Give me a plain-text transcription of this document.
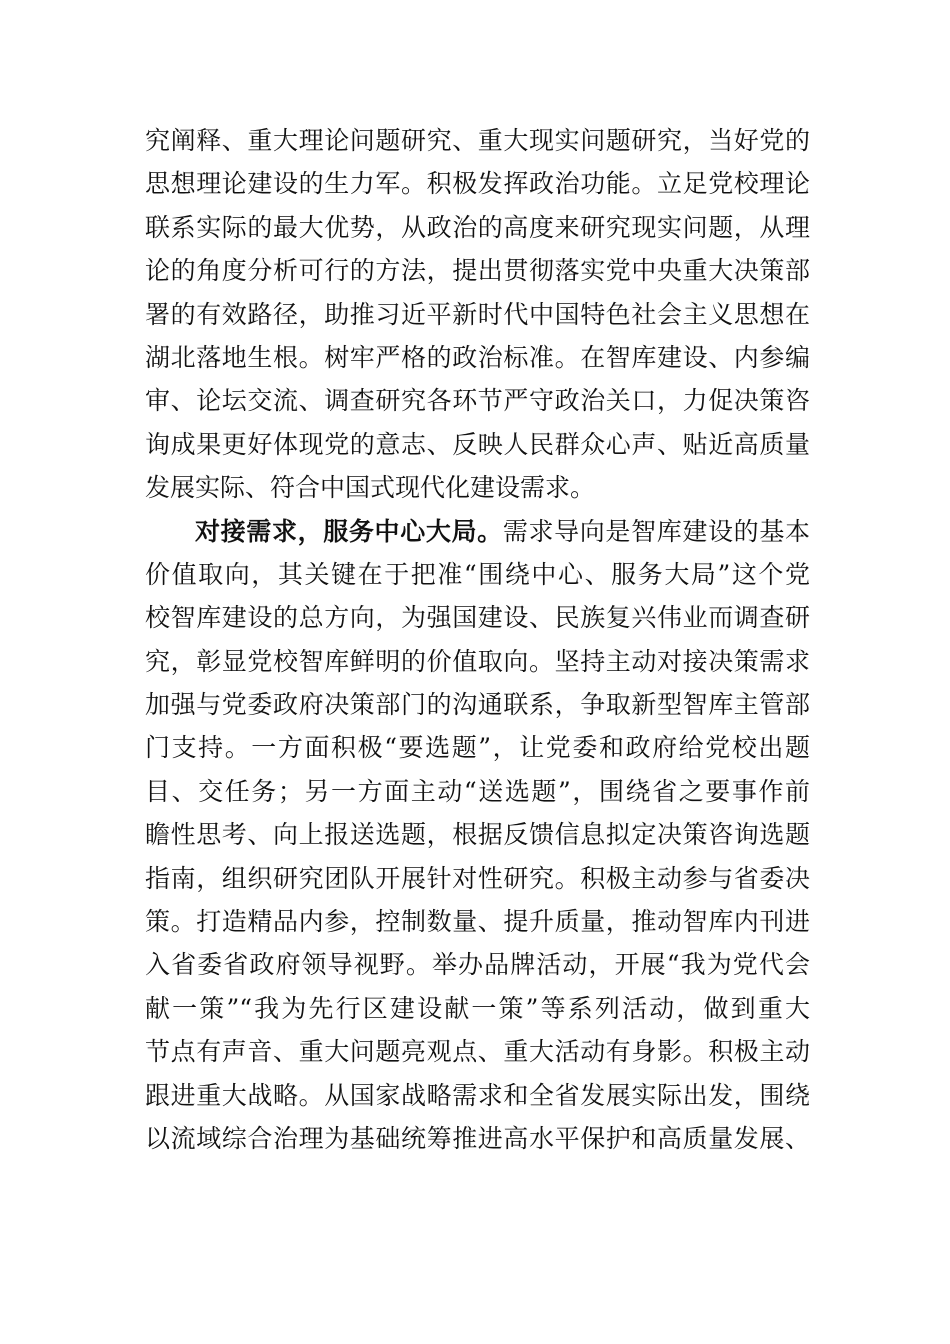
究阐释、重大理论问题研究、重大现实问题研究，当好党的
思想理论建设的生力军。积极发挥政治功能。立足党校理论
联系实际的最大优势，从政治的高度来研究现实问题，从理
论的角度分析可行的方法，提出贯彻落实党中央重大决策部
署的有效路径，助推习近平新时代中国特色社会主义思想在
湖北落地生根。树牢严格的政治标准。在智库建设、内参编
审、论坛交流、调查研究各环节严守政治关口，力促决策咨
询成果更好体现党的意志、反映人民群众心声、贴近高质量
发展实际、符合中国式现代化建设需求。
对接需求，服务中心大局。需求导向是智库建设的基本
价值取向，其关键在于把准“围绕中心、服务大局”这个党
校智库建设的总方向，为强国建设、民族复兴伟业而调查研
究，彰显党校智库鲜明的价值取向。坚持主动对接决策需求
加强与党委政府决策部门的沟通联系，争取新型智库主管部
门支持。一方面积极“要选题”，让党委和政府给党校出题
目、交任务；另一方面主动“送选题”，围绕省之要事作前
瞻性思考、向上报送选题，根据反馈信息拟定决策咨询选题
指南，组织研究团队开展针对性研究。积极主动参与省委决
策。打造精品内参，控制数量、提升质量，推动智库内刊进
入省委省政府领导视野。举办品牌活动，开展“我为党代会
献一策”“我为先行区建设献一策”等系列活动，做到重大
节点有声音、重大问题亮观点、重大活动有身影。积极主动
跟进重大战略。从国家战略需求和全省发展实际出发，围绕
以流域综合治理为基础统筹推进高水平保护和高质量发展、
